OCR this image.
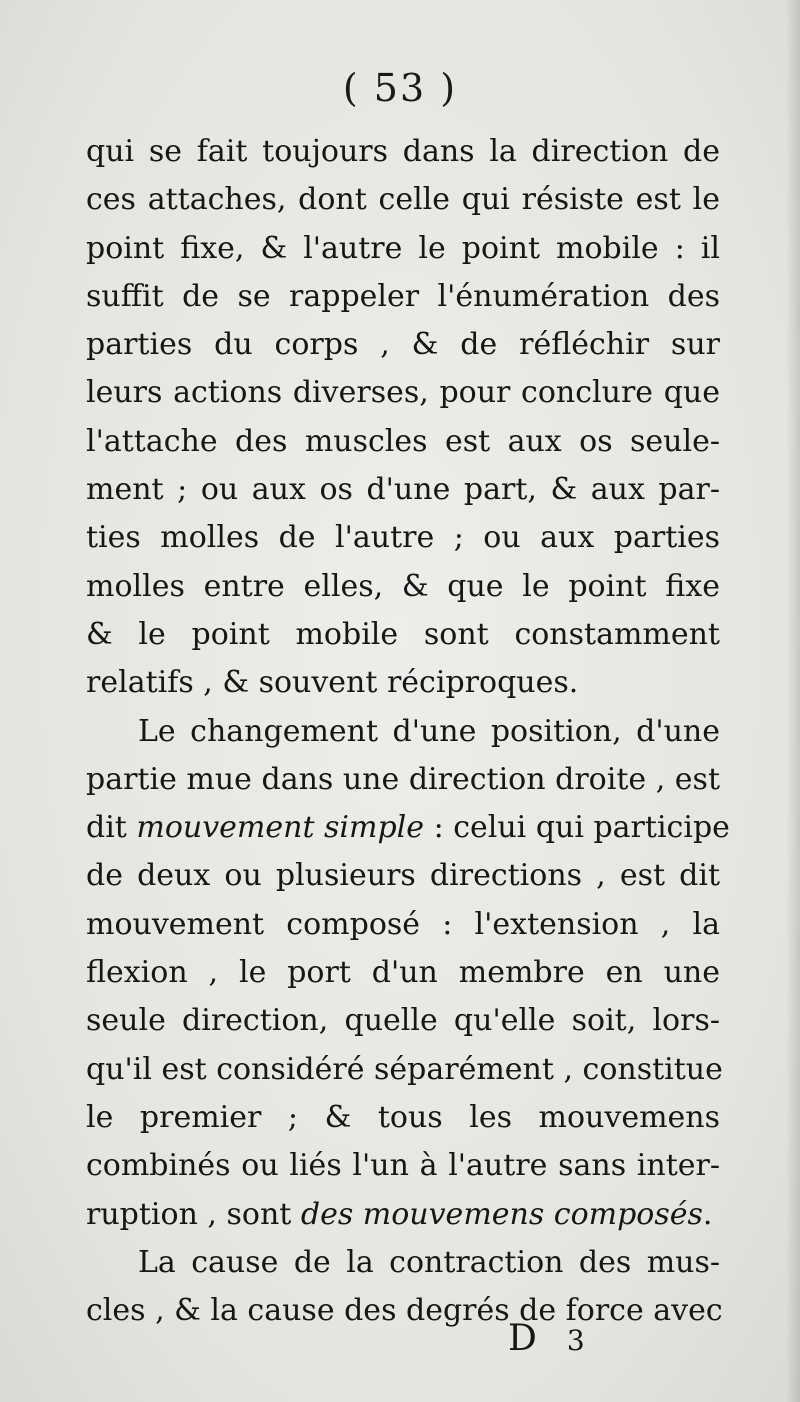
( 53 )
qui se fait toujours dans la direction de
ces attaches, dont celle qui résiste est le
point fixe, & l'autre le point mobile : il
suffit de se rappeler l'énumération des
parties du corps , & de réfléchir sur
leurs actions diverses, pour conclure que
l'attache des muscles est aux os seule-
ment ; ou aux os d'une part, & aux par-
ties molles de l'autre ; ou aux parties
molles entre elles, & que le point fixe
& le point mobile sont constamment
relatifs , & souvent réciproques.
Le changement d'une position, d'une
partie mue dans une direction droite , est
dit mouvement simple : celui qui participe
de deux ou plusieurs directions , est dit
mouvement composé : l'extension , la
flexion , le port d'un membre en une
seule direction, quelle qu'elle soit, lors-
qu'il est considéré séparément , constitue
le premier ; & tous les mouvemens
combinés ou liés l'un à l'autre sans inter-
ruption , sont des mouvemens composés.
La cause de la contraction des mus-
cles , & la cause des degrés de force avec
D 3
